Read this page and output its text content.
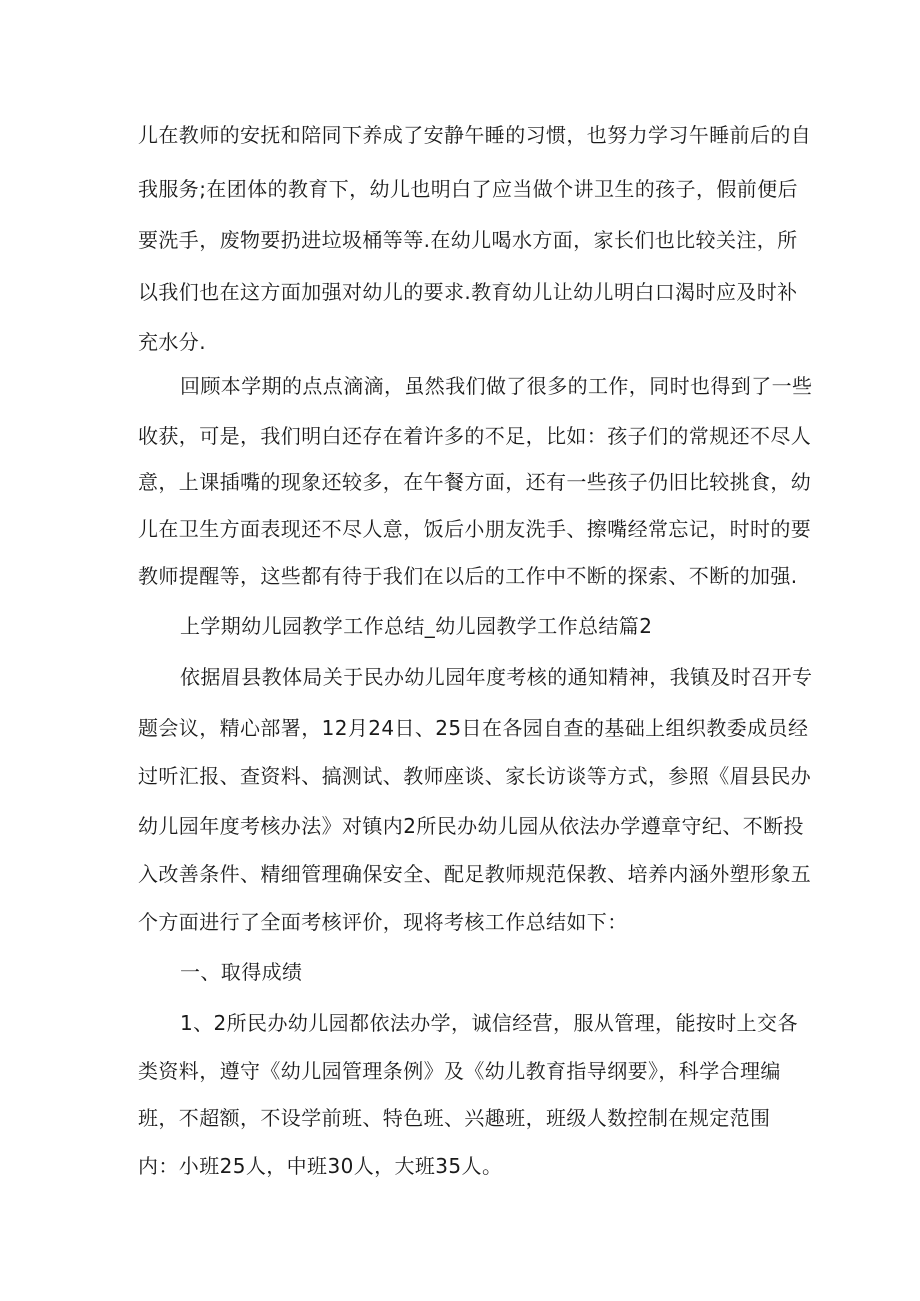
儿在教师的安抚和陪同下养成了安静午睡的习惯，也努力学习午睡前后的自

我服务;在团体的教育下，幼儿也明白了应当做个讲卫生的孩子，假前便后

要洗手，废物要扔进垃圾桶等等.在幼儿喝水方面，家长们也比较关注，所

以我们也在这方面加强对幼儿的要求.教育幼儿让幼儿明白口渴时应及时补

充水分.

回顾本学期的点点滴滴，虽然我们做了很多的工作，同时也得到了一些

收获，可是，我们明白还存在着许多的不足，比如：孩子们的常规还不尽人

意，上课插嘴的现象还较多，在午餐方面，还有一些孩子仍旧比较挑食，幼

儿在卫生方面表现还不尽人意，饭后小朋友洗手、擦嘴经常忘记，时时的要

教师提醒等，这些都有待于我们在以后的工作中不断的探索、不断的加强.

上学期幼儿园教学工作总结_幼儿园教学工作总结篇2

依据眉县教体局关于民办幼儿园年度考核的通知精神，我镇及时召开专

题会议，精心部署，12月24日、25日在各园自查的基础上组织教委成员经

过听汇报、查资料、搞测试、教师座谈、家长访谈等方式，参照《眉县民办

幼儿园年度考核办法》对镇内2所民办幼儿园从依法办学遵章守纪、不断投

入改善条件、精细管理确保安全、配足教师规范保教、培养内涵外塑形象五

个方面进行了全面考核评价，现将考核工作总结如下：

一、取得成绩

1、2所民办幼儿园都依法办学，诚信经营，服从管理，能按时上交各

类资料，遵守《幼儿园管理条例》及《幼儿教育指导纲要》，科学合理编

班，不超额，不设学前班、特色班、兴趣班，班级人数控制在规定范围

内：小班25人，中班30人，大班35人。
